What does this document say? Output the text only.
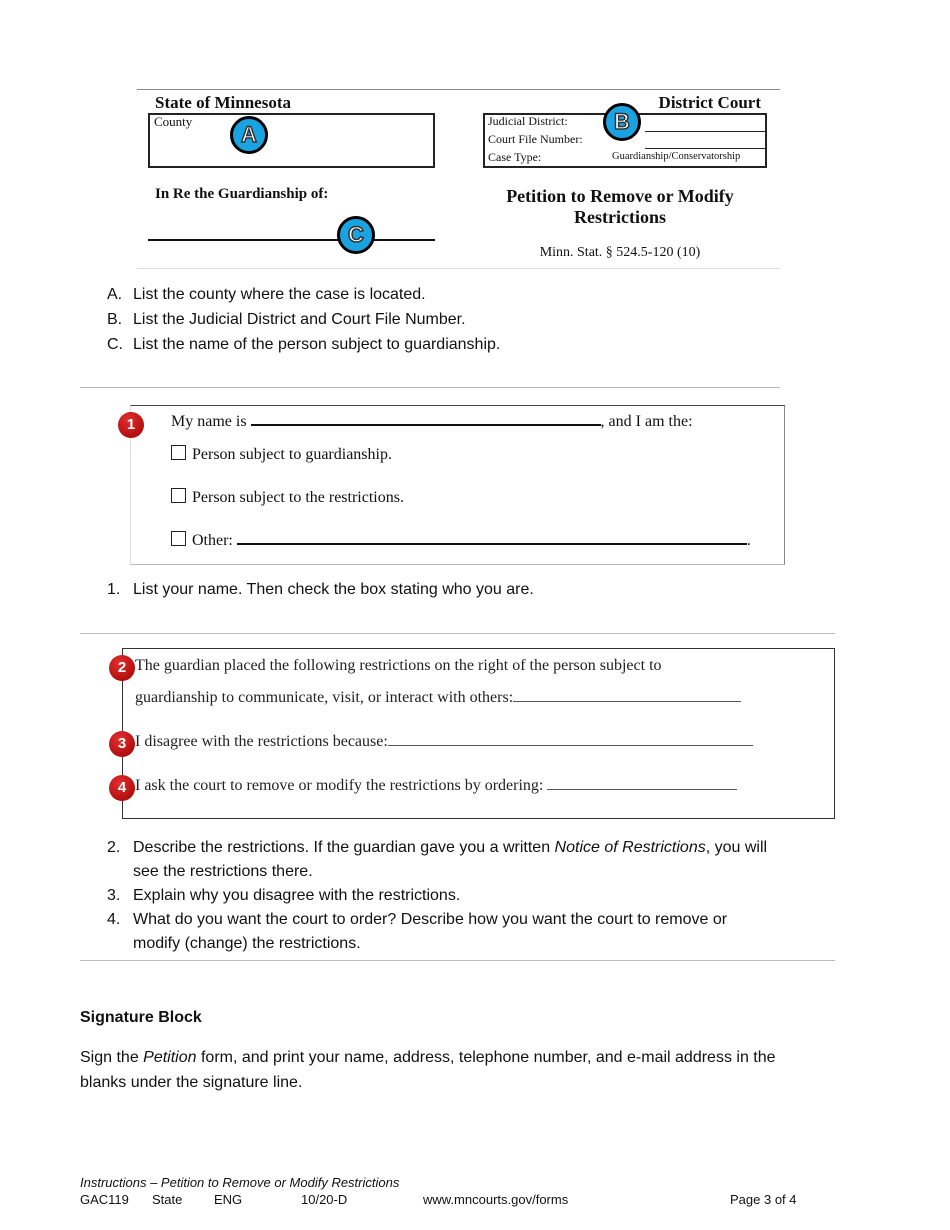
State of Minnesota
County
A
District Court
Judicial District:
Court File Number:
Case Type:	Guardianship/Conservatorship
B
In Re the Guardianship of:
C
Petition to Remove or Modify
Restrictions
Minn. Stat. § 524.5-120 (10)
A. List the county where the case is located.
B. List the Judicial District and Court File Number.
C. List the name of the person subject to guardianship.
1	My name is	, and I am the:
Person subject to guardianship.
Person subject to the restrictions.
Other:	.
1. List your name. Then check the box stating who you are.
2
3
4
The guardian placed the following restrictions on the right of the person subject to
guardianship to communicate, visit, or interact with others:
I disagree with the restrictions because:
I ask the court to remove or modify the restrictions by ordering:
2. Describe the restrictions. If the guardian gave you a written Notice of Restrictions, you will
see the restrictions there.
3. Explain why you disagree with the restrictions.
4. What do you want the court to order? Describe how you want the court to remove or
modify (change) the restrictions.
Signature Block
Sign the Petition form, and print your name, address, telephone number, and e-mail address in the
blanks under the signature line.
Instructions – Petition to Remove or Modify Restrictions
GAC119 State ENG	10/20-D	www.mncourts.gov/forms	Page 3 of 4
